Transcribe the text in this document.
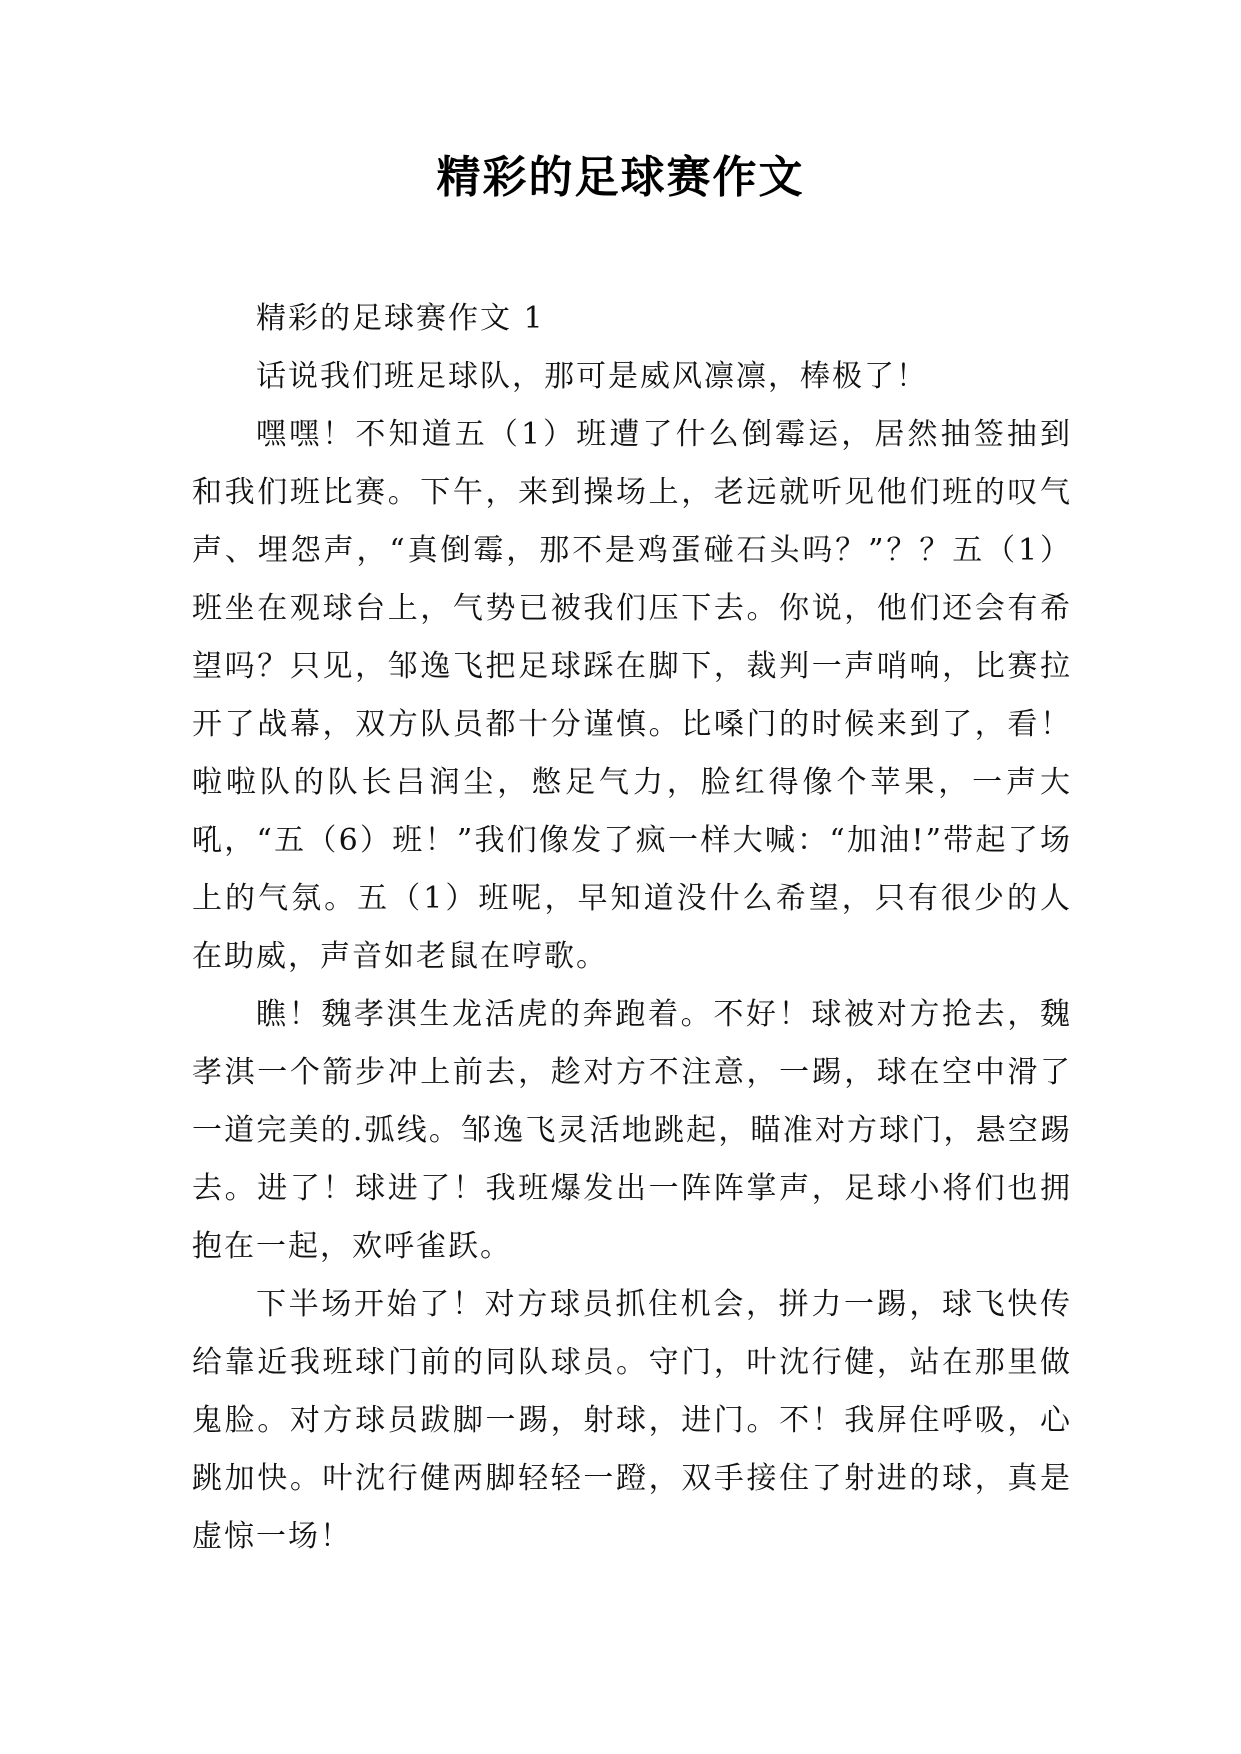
精彩的足球赛作文

精彩的足球赛作文 1

话说我们班足球队，那可是威风凛凛，棒极了！

嘿嘿！不知道五（1）班遭了什么倒霉运，居然抽签抽到和我们班比赛。下午，来到操场上，老远就听见他们班的叹气声、埋怨声，“真倒霉，那不是鸡蛋碰石头吗？”？？五（1）班坐在观球台上，气势已被我们压下去。你说，他们还会有希望吗？只见，邹逸飞把足球踩在脚下，裁判一声哨响，比赛拉开了战幕，双方队员都十分谨慎。比嗓门的时候来到了，看！啦啦队的队长吕润尘，憋足气力，脸红得像个苹果，一声大吼，“五（6）班！”我们像发了疯一样大喊：“加油!”带起了场上的气氛。五（1）班呢，早知道没什么希望，只有很少的人在助威，声音如老鼠在哼歌。

瞧！魏孝淇生龙活虎的奔跑着。不好！球被对方抢去，魏孝淇一个箭步冲上前去，趁对方不注意，一踢，球在空中滑了一道完美的.弧线。邹逸飞灵活地跳起，瞄准对方球门，悬空踢去。进了！球进了！我班爆发出一阵阵掌声，足球小将们也拥抱在一起，欢呼雀跃。

下半场开始了！对方球员抓住机会，拼力一踢，球飞快传给靠近我班球门前的同队球员。守门，叶沈行健，站在那里做鬼脸。对方球员跋脚一踢，射球，进门。不！我屏住呼吸，心跳加快。叶沈行健两脚轻轻一蹬，双手接住了射进的球，真是虚惊一场！
